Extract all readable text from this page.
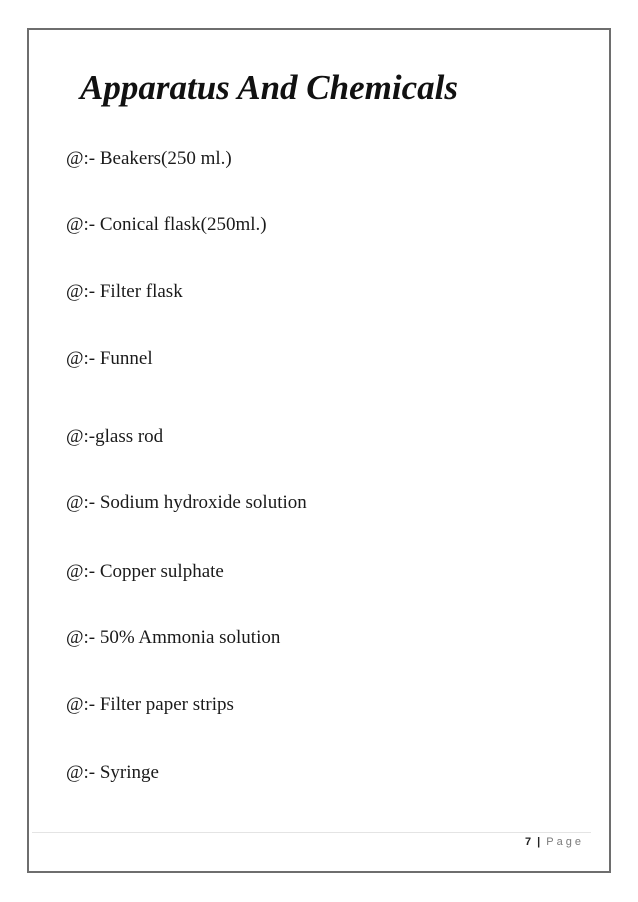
Apparatus And Chemicals
@:- Beakers(250 ml.)
@:- Conical flask(250ml.)
@:- Filter flask
@:- Funnel
@:-glass rod
@:- Sodium hydroxide solution
@:- Copper sulphate
@:- 50% Ammonia solution
@:- Filter paper strips
@:- Syringe
7 | Page
